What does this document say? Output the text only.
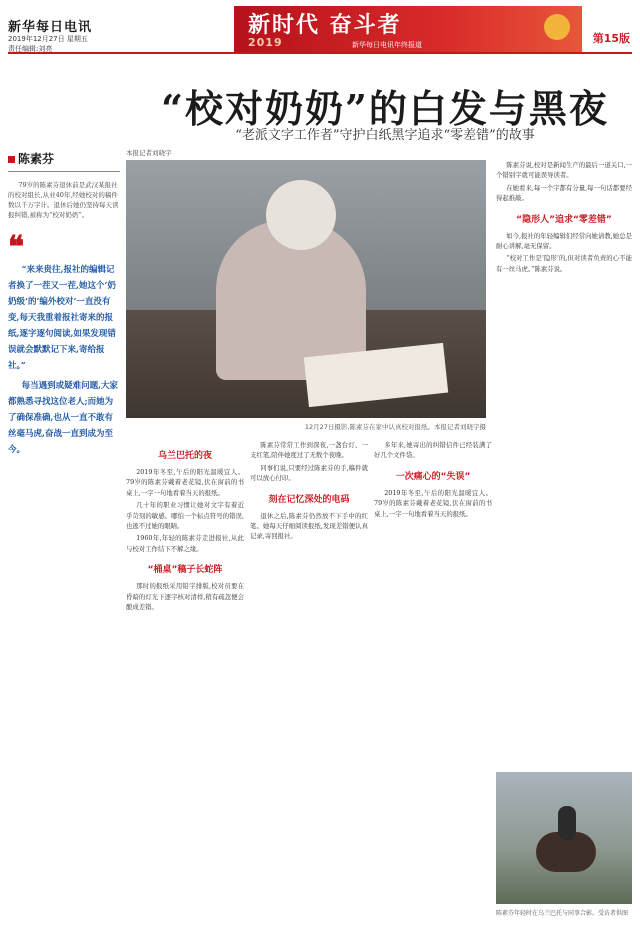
新华每日电讯
2019年12月27日 星期五
责任编辑:刘亮
新时代 奋斗者
2019	新华每日电讯年终报道	第15版
“校对奶奶”的白发与黑夜
“老派文字工作者”守护白纸黑字追求“零差错”的故事
陈素芬
79岁的陈素芬退休前是武汉某报社的校对组长,从业40年,经她校对的稿件数以千万字计。退休后她仍坚持每天读报纠错,被称为“校对奶奶”。
❝

“来来贵往,报社的编辑记者换了一茬又一茬,她这个‘奶奶级’的‘编外校对’一直没有变,每天我重着报社寄来的报纸,逐字逐句阅读,如果发现错误就会默默记下来,寄给报社。”

每当遇到或疑难问题,大家都熟悉寻找这位老人;而她为了确保准确,也从一直不敢有丝毫马虎,奋战一直到成为至今。

本报记者刘晓宇
12月27日摄影,陈素芬在家中认真校对报纸。本报记者刘晓宇摄

陈素芬说,校对是新闻生产的最后一道关口,一个错别字就可能误导读者。

在她看来,每一个字都有分量,每一句话都要经得起推敲。

“隐形人”追求“零差错”

如今,报社的年轻编辑们经常向她请教,她总是耐心讲解,毫无保留。

“校对工作是‘隐形’的,但对读者负责的心不能有一丝马虎。”陈素芬说。

乌兰巴托的夜

2019年冬至,午后的阳光温暖宜人。79岁的陈素芬戴着老花镜,伏在窗前的书桌上,一字一句地看着当天的报纸。

几十年的职业习惯让她对文字有着近乎苛刻的敏感。哪怕一个标点符号的错误,也逃不过她的眼睛。

1960年,年轻的陈素芬走进报社,从此与校对工作结下不解之缘。

“桶桌”稿子长蛇阵

那时的报纸采用铅字排版,校对员要在昏暗的灯光下逐字核对清样,稍有疏忽便会酿成差错。

陈素芬常常工作到深夜,一盏台灯、一支红笔,陪伴她度过了无数个夜晚。

同事们说,只要经过陈素芬的手,稿件就可以放心付印。

刻在记忆深处的电码

退休之后,陈素芬仍然放不下手中的红笔。她每天仔细阅读报纸,发现差错便认真记录,寄回报社。

多年来,她寄出的纠错信件已经装满了好几个文件袋。

一次痛心的“失误”

2019年冬至,午后的阳光温暖宜人。79岁的陈素芬戴着老花镜,伏在窗前的书桌上,一字一句地看着当天的报纸。

陈素芬年轻时在乌兰巴托与同事合影。受访者供图
